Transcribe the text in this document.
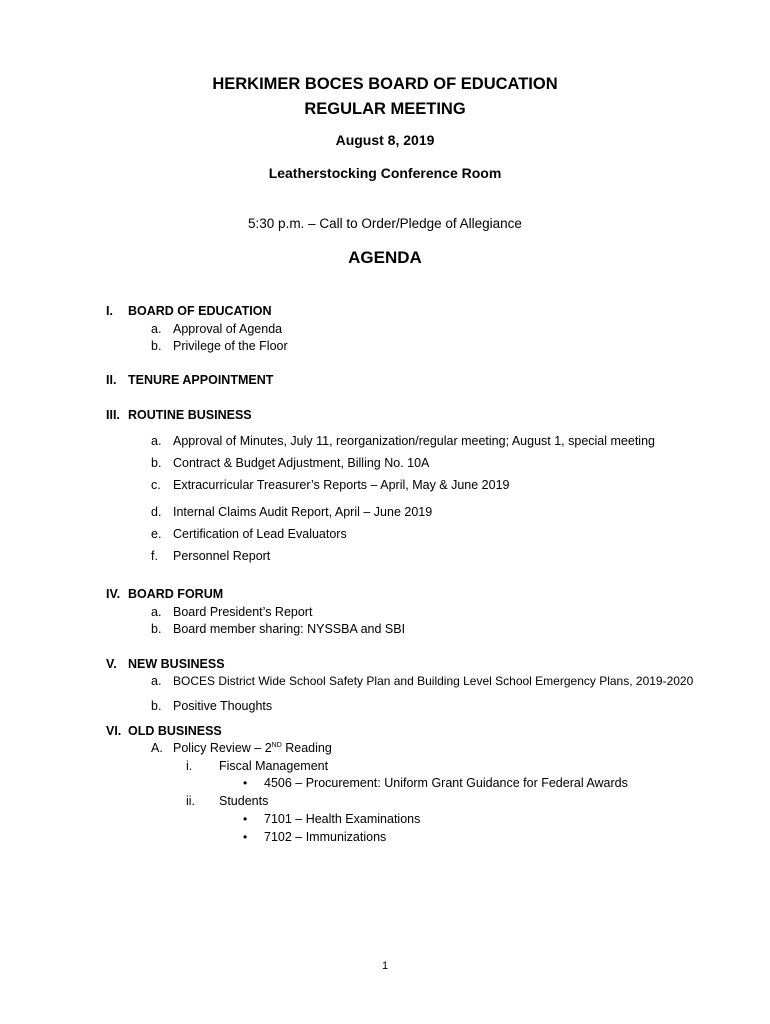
HERKIMER BOCES BOARD OF EDUCATION
REGULAR MEETING
August 8, 2019
Leatherstocking Conference Room
5:30 p.m. – Call to Order/Pledge of Allegiance
AGENDA
I. BOARD OF EDUCATION
a. Approval of Agenda
b. Privilege of the Floor
II. TENURE APPOINTMENT
III. ROUTINE BUSINESS
a. Approval of Minutes, July 11, reorganization/regular meeting; August 1, special meeting
b. Contract & Budget Adjustment, Billing No. 10A
c. Extracurricular Treasurer’s Reports – April, May & June 2019
d. Internal Claims Audit Report, April – June 2019
e. Certification of Lead Evaluators
f. Personnel Report
IV. BOARD FORUM
a. Board President’s Report
b. Board member sharing: NYSSBA and SBI
V. NEW BUSINESS
a. BOCES District Wide School Safety Plan and Building Level School Emergency Plans, 2019-2020
b. Positive Thoughts
VI. OLD BUSINESS
A. Policy Review – 2ND Reading
i. Fiscal Management
• 4506 – Procurement: Uniform Grant Guidance for Federal Awards
ii. Students
• 7101 – Health Examinations
• 7102 – Immunizations
1
